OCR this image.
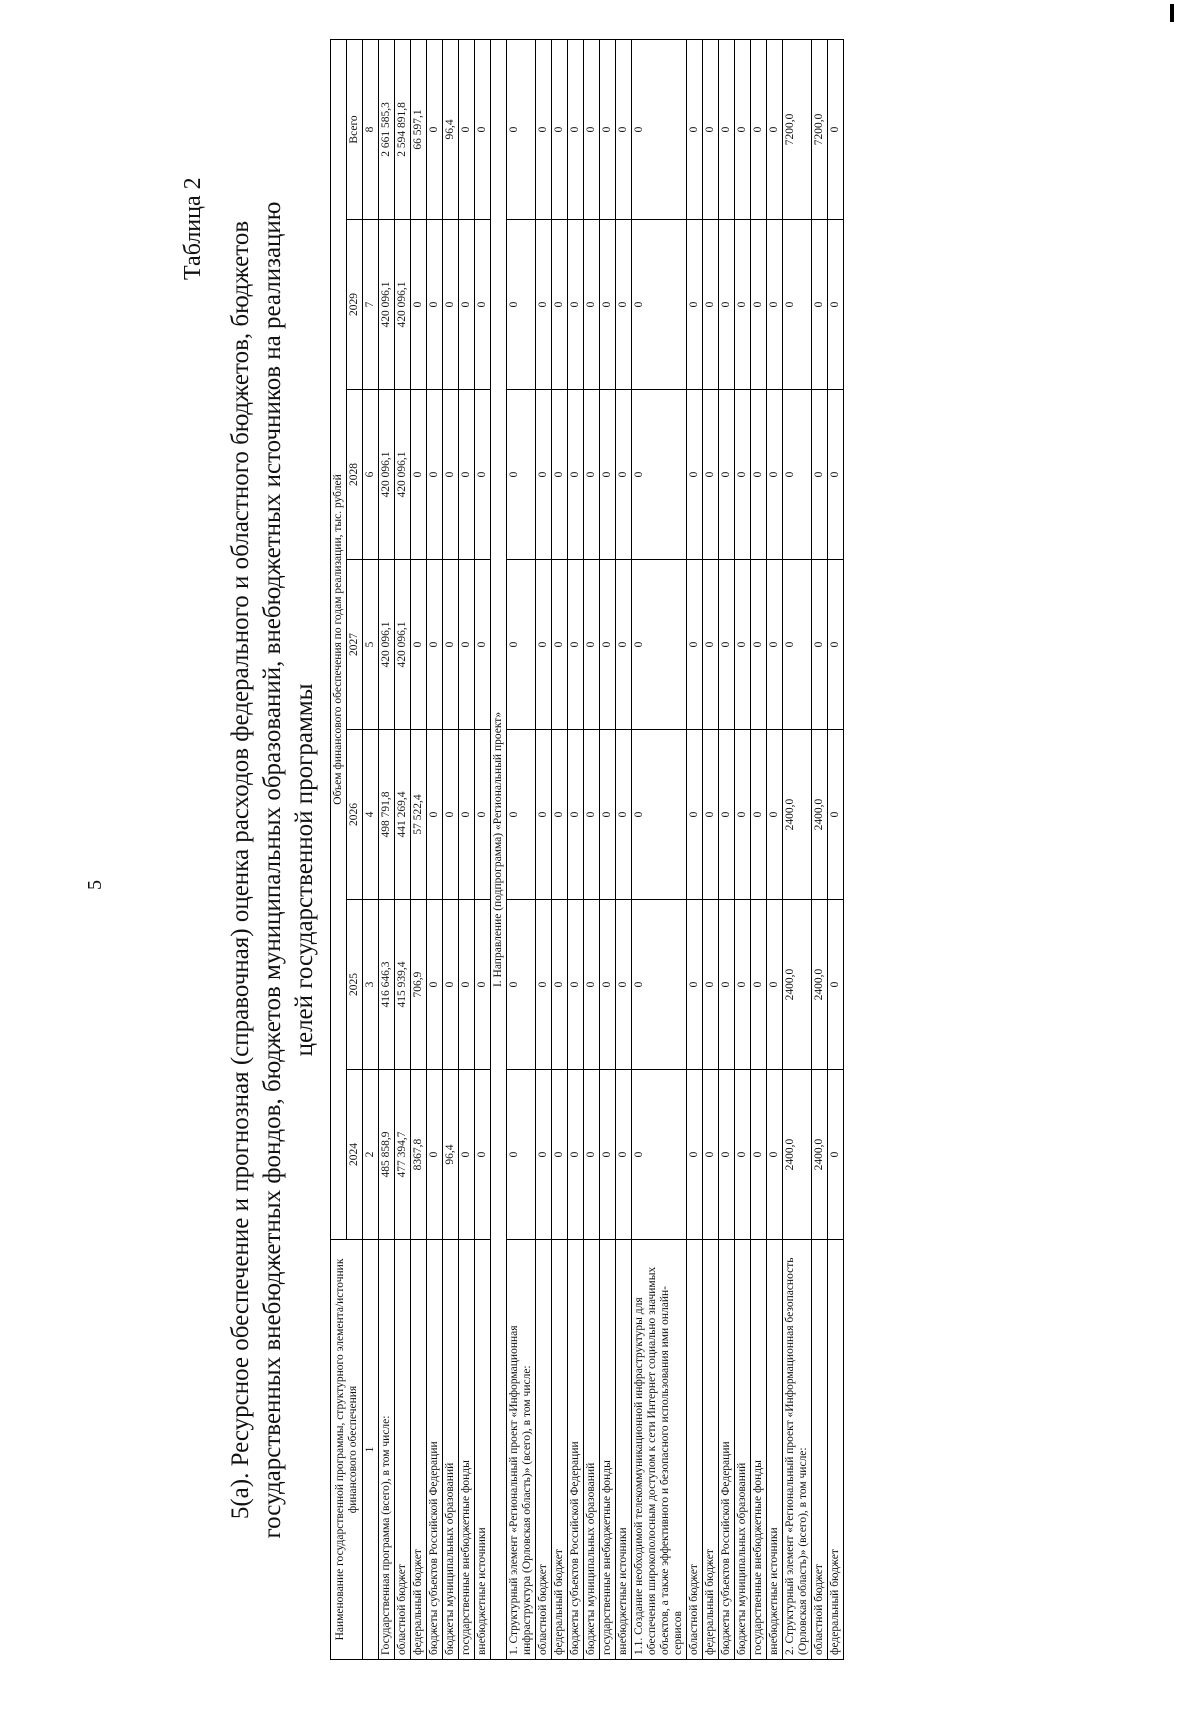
5
Таблица 2 5(а). Ресурсное обеспечение и прогнозная (справочная) оценка расходов федерального и областного бюджетов, бюджетов государственных внебюджетных фондов, бюджетов муниципальных образований, внебюджетных источников на реализацию целей государственной программы
Наименование государственной программы, структурного элемента/источник финансового обеспечения	Объем финансового обеспечения по годам реализации, тыс. рублей						
	2024	2025	2026	2027	2028	2029	Всего
1	2	3	4	5	6	7	8
Государственная программа (всего), в том числе:	485 858,9	416 646,3	498 791,8	420 096,1	420 096,1	420 096,1	2 661 585,3
областной бюджет	477 394,7	415 939,4	441 269,4	420 096,1	420 096,1	420 096,1	2 594 891,8
федеральный бюджет	8367,8	706,9	57 522,4	0	0	0	66 597,1
бюджеты субъектов Российской Федерации	0	0	0	0	0	0	0
бюджеты муниципальных образований	96,4	0	0	0	0	0	96,4
государственные внебюджетные фонды	0	0	0	0	0	0	0
внебюджетные источники	0	0	0	0	0	0	0
I. Направление (подпрограмма) «Региональный проект»							
1. Структурный элемент «Региональный проект «Информационная инфраструктура (Орловская область)» (всего), в том числе:	0	0	0	0	0	0	0
областной бюджет	0	0	0	0	0	0	0
федеральный бюджет	0	0	0	0	0	0	0
бюджеты субъектов Российской Федерации	0	0	0	0	0	0	0
бюджеты муниципальных образований	0	0	0	0	0	0	0
государственные внебюджетные фонды	0	0	0	0	0	0	0
внебюджетные источники	0	0	0	0	0	0	0
1.1. Создание необходимой телекоммуникационной инфраструктуры для обеспечения широкополосным доступом к сети Интернет социально значимых объектов, а также эффективного и безопасного использования ими онлайн-сервисов	0	0	0	0	0	0	0
областной бюджет	0	0	0	0	0	0	0
федеральный бюджет	0	0	0	0	0	0	0
бюджеты субъектов Российской Федерации	0	0	0	0	0	0	0
бюджеты муниципальных образований	0	0	0	0	0	0	0
государственные внебюджетные фонды	0	0	0	0	0	0	0
внебюджетные источники	0	0	0	0	0	0	0
2. Структурный элемент «Региональный проект «Информационная безопасность (Орловская область)» (всего), в том числе:	2400,0	2400,0	2400,0	0	0	0	7200,0
областной бюджет	2400,0	2400,0	2400,0	0	0	0	7200,0
федеральный бюджет	0	0	0	0	0	0	0
